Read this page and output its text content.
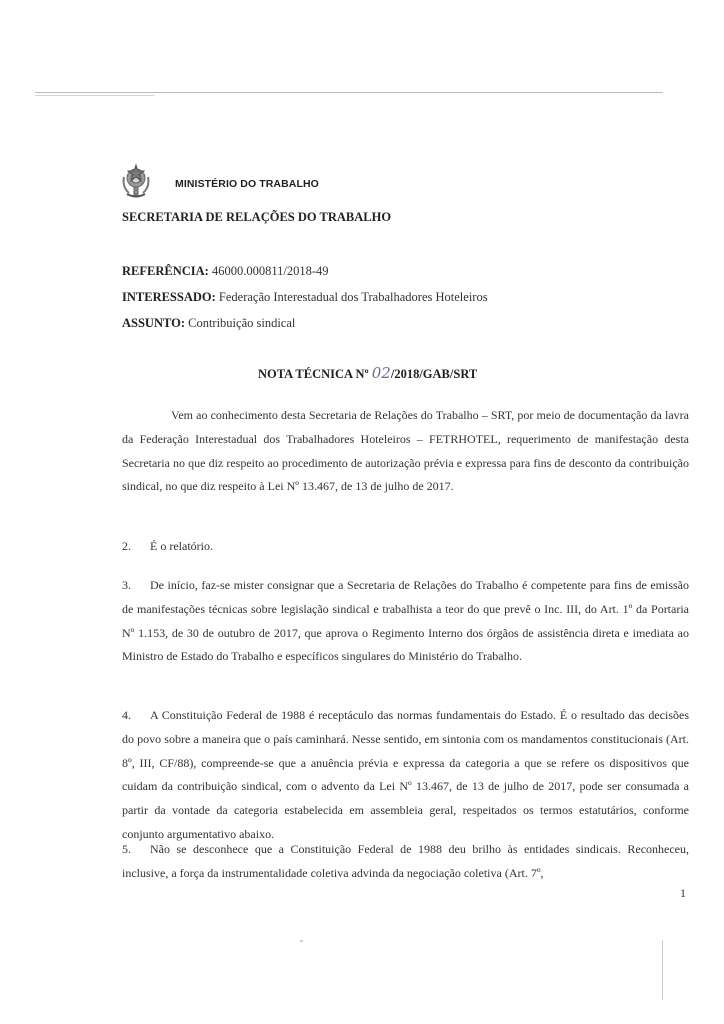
MINISTÉRIO DO TRABALHO
SECRETARIA DE RELAÇÕES DO TRABALHO
REFERÊNCIA: 46000.000811/2018-49
INTERESSADO: Federação Interestadual dos Trabalhadores Hoteleiros
ASSUNTO: Contribuição sindical
NOTA TÉCNICA Nº 02/2018/GAB/SRT
Vem ao conhecimento desta Secretaria de Relações do Trabalho – SRT, por meio de documentação da lavra da Federação Interestadual dos Trabalhadores Hoteleiros – FETRHOTEL, requerimento de manifestação desta Secretaria no que diz respeito ao procedimento de autorização prévia e expressa para fins de desconto da contribuição sindical, no que diz respeito à Lei Nº 13.467, de 13 de julho de 2017.
2. É o relatório.
3. De início, faz-se mister consignar que a Secretaria de Relações do Trabalho é competente para fins de emissão de manifestações técnicas sobre legislação sindical e trabalhista a teor do que prevê o Inc. III, do Art. 1º da Portaria Nº 1.153, de 30 de outubro de 2017, que aprova o Regimento Interno dos órgãos de assistência direta e imediata ao Ministro de Estado do Trabalho e específicos singulares do Ministério do Trabalho.
4. A Constituição Federal de 1988 é receptáculo das normas fundamentais do Estado. É o resultado das decisões do povo sobre a maneira que o país caminhará. Nesse sentido, em sintonia com os mandamentos constitucionais (Art. 8º, III, CF/88), compreende-se que a anuência prévia e expressa da categoria a que se refere os dispositivos que cuidam da contribuição sindical, com o advento da Lei Nº 13.467, de 13 de julho de 2017, pode ser consumada a partir da vontade da categoria estabelecida em assembleia geral, respeitados os termos estatutários, conforme conjunto argumentativo abaixo.
5. Não se desconhece que a Constituição Federal de 1988 deu brilho às entidades sindicais. Reconheceu, inclusive, a força da instrumentalidade coletiva advinda da negociação coletiva (Art. 7º,
1
